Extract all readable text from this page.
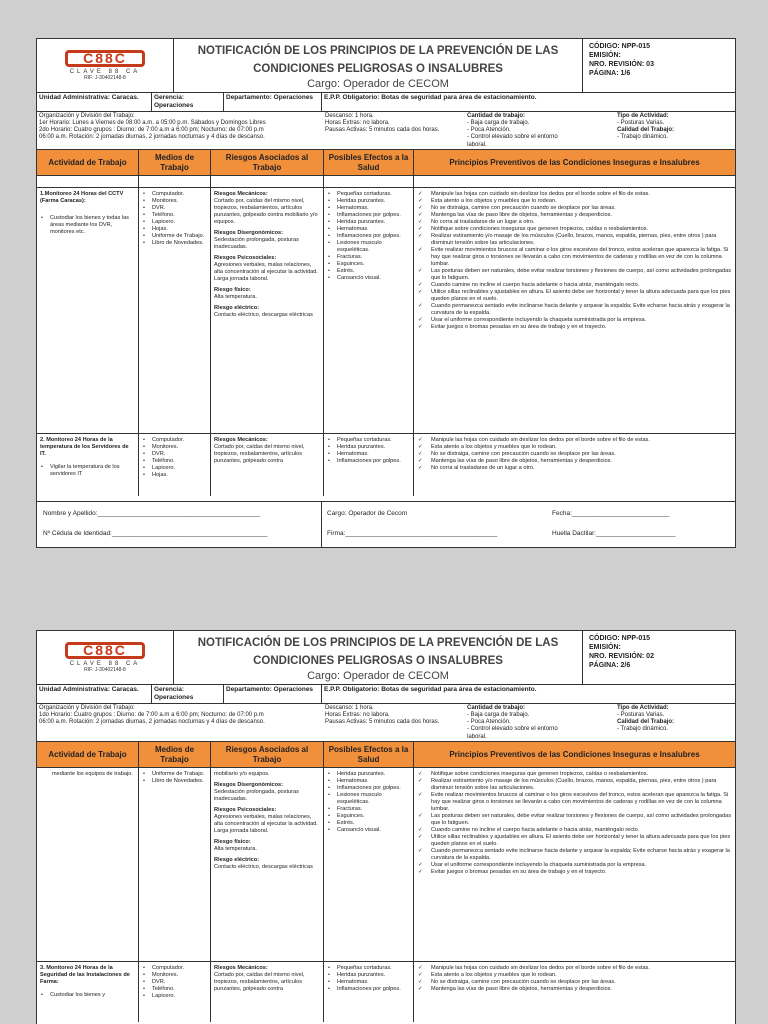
C88C
CLAVE 88 CA
RIF: J-30402148-8
NOTIFICACIÓN DE LOS PRINCIPIOS DE LA PREVENCIÓN DE LAS CONDICIONES PELIGROSAS O INSALUBRES
Cargo: Operador de CECOM
CÓDIGO: NPP-015
EMISIÓN:
NRO. REVISIÓN: 03
PÁGINA: 1/6
Unidad Administrativa: Caracas.	Gerencia: Operaciones
Departamento: Operaciones	E.P.P. Obligatorio: Botas de seguridad para área de estacionamiento.
Organización y División del Trabajo:
1er Horario: Lunes a Viernes de 08:00 a.m. a 05:00 p.m. Sábados y Domingos Libres
2do Horario: Cuatro grupos : Diurno: de 7:00 a.m a 6:00 pm; Nocturno: de 07:00 p.m
06:00 a.m. Rotación: 2 jornadas diurnas, 2 jornadas nocturnas y 4 días de descanso.
Descanso: 1 hora.
Horas Extras: no labora.
Pausas Activas: 5 minutos cada dos horas.
Cantidad de trabajo:
- Baja carga de trabajo.
- Poca Atención.
- Control elevado sobre el entorno laboral.
Tipo de Actividad:
- Posturas Varias.
Calidad del Trabajo:
- Trabajo dinámico.
Actividad de Trabajo
Medios de Trabajo
Riesgos Asociados al Trabajo
Posibles Efectos a la Salud
Principios Preventivos de las Condiciones Inseguras e Insalubres
1.Monitoreo 24 Horas del CCTV (Farma Caracas):
• Custodiar los bienes y todas las áreas mediante los DVR, monitores etc.
• Computador.
• Monitores.
• DVR.
• Teléfono.
• Lapicero.
• Hojas.
• Uniforme de Trabajo.
• Libro de Novedades.
Riesgos Mecánicos:
Cortado por, caídas del mismo nivel, tropiezos, resbalamientos, artículos punzantes, golpeado contra mobiliario y/o equipos.
Riesgos Disergonómicos:
Sedestación prolongada, posturas inadecuadas.
Riesgos Psicosociales:
Agresiones verbales, malas relaciones, alta concentración al ejecutar la actividad. Larga jornada laboral.
Riesgo físico:
Alta temperatura.
Riesgo eléctrico:
Contacto eléctrico, descargas eléctricas
• Pequeñas cortaduras.
• Heridas punzantes.
• Hematomas.
• Inflamaciones por golpes.
• Heridas punzantes.
• Hematomas.
• Inflamaciones por golpes.
• Lesiones musculo esqueléticas.
• Fracturas.
• Esguinces.
• Estrés.
• Cansancio visual.
✓ Manipule las hojas con cuidado sin deslizar los dedos por el borde sobre el filo de estas.
✓ Esta atento a los objetos y muebles que lo rodean.
✓ No se distraiga, camine con precaución cuando se desplace por las áreas.
✓ Mantenga las vías de paso libre de objetos, herramientas y desperdicios.
✓ No corra al trasladarse de un lugar a otro.
✓ Notifique sobre condiciones inseguras que generen tropiezos, caídas o resbalamientos.
✓ Realizar estiramiento y/o masaje de los músculos (Cuello, brazos, manos, espalda, piernas, pies, entre otros ) para disminuir tensión sobre las articulaciones.
✓ Evite realizar movimientos bruscos al caminar o los giros excesivos del tronco, estos aceleran que aparezca la fatiga. Si hay que realizar giros o torsiones se llevarán a cabo con movimientos de caderas y rodillas en vez de con la columna lumbar.
✓ Las posturas deben ser naturales, debe evitar realizar torsiones y flexiones de cuerpo, así como actividades prolongadas que lo fatiguen.
✓ Cuando camine no incline el cuerpo hacia adelante o hacia atrás, manténgalo recto.
✓ Utilice sillas reclinables y ajustables en altura. El asiento debe ser horizontal y tener la altura adecuada para que los pies queden planos en el suelo.
✓ Cuando permanezca sentado evite inclinarse hacia delante y arquear la espalda; Evite echarse hacia atrás y exagerar la curvatura de la espalda.
✓ Usar el uniforme correspondiente incluyendo la chaqueta suministrada por la empresa.
✓ Evitar juegos o bromas pesadas en su área de trabajo y en el trayecto.
2. Monitoreo 24 Horas de la temperatura de los Servidores de IT.
• Vigilar la temperatura de los servidores IT
• Computador.
• Monitores.
• DVR.
• Teléfono.
• Lapicero.
• Hojas.
Riesgos Mecánicos:
Cortado por, caídas del mismo nivel, tropiezos, resbalamientos, artículos punzantes, golpeado contra
• Pequeñas cortaduras.
• Heridas punzantes.
• Hematomas.
• Inflamaciones por golpes.
✓ Manipule las hojas con cuidado sin deslizar los dedos por el borde sobre el filo de estas.
✓ Esta atento a los objetos y muebles que lo rodean.
✓ No se distraiga, camine con precaución cuando se desplace por las áreas.
✓ Mantenga las vías de paso libre de objetos, herramientas y desperdicios.
✓ No corra al trasladarse de un lugar a otro.
Nombre y Apellido:_____________________________________________
Nº Cédula de Identidad:___________________________________________
Cargo: Operador de Cecom
Firma:__________________________________________
Fecha:___________________________
Huella Dactilar:______________________
C88C
CLAVE 88 CA
RIF: J-30402148-8
NOTIFICACIÓN DE LOS PRINCIPIOS DE LA PREVENCIÓN DE LAS CONDICIONES PELIGROSAS O INSALUBRES
Cargo: Operador de CECOM
CÓDIGO: NPP-015
EMISIÓN:
NRO. REVISIÓN: 02
PÁGINA: 2/6
Unidad Administrativa: Caracas.	Gerencia: Operaciones
Departamento: Operaciones	E.P.P. Obligatorio: Botas de seguridad para área de estacionamiento.
Organización y División del Trabajo:
1do Horario: Cuatro grupos : Diurno: de 7:00 a.m a 6:00 pm; Nocturno: de 07:00 p.m
06:00 a.m. Rotación: 2 jornadas diurnas, 2 jornadas nocturnas y 4 días de descanso.
Descanso: 1 hora.
Horas Extras: no labora.
Pausas Activas: 5 minutos cada dos horas.
Cantidad de trabajo:
- Baja carga de trabajo.
- Poca Atención.
- Control elevado sobre el entorno laboral.
Tipo de Actividad:
- Posturas Varias.
Calidad del Trabajo:
- Trabajo dinámico.
Actividad de Trabajo
Medios de Trabajo
Riesgos Asociados al Trabajo
Posibles Efectos a la Salud
Principios Preventivos de las Condiciones Inseguras e Insalubres
mediante los equipos de trabajo.
•	Uniforme de Trabajo.
• Libro de Novedades.
mobiliario y/o equipos.
Riesgos Disergonómicos:
Sedestación prolongada, posturas inadecuadas.
Riesgos Psicosociales:
Agresiones verbales, malas relaciones, alta concentración al ejecutar la actividad. Larga jornada laboral.
Riesgo físico:
Alta temperatura.
Riesgo eléctrico:
Contacto eléctrico, descargas eléctricas
• Heridas punzantes.
• Hematomas.
• Inflamaciones por golpes.
• Lesiones musculo esqueléticas.
• Fracturas.
• Esguinces.
• Estrés.
• Cansancio visual.
✓ Notifique sobre condiciones inseguras que generen tropiezos, caídas o resbalamientos.
✓ Realizar estiramiento y/o masaje de los músculos (Cuello, brazos, manos, espalda, piernas, pies, entre otros ) para disminuir tensión sobre las articulaciones.
✓ Evite realizar movimientos bruscos al caminar o los giros excesivos del tronco, estos aceleran que aparezca la fatiga. Si hay que realizar giros o torsiones se llevarán a cabo con movimientos de caderas y rodillas en vez de con la columna lumbar.
✓ Las posturas deben ser naturales, debe evitar realizar torsiones y flexiones de cuerpo, así como actividades prolongadas que lo fatiguen.
✓ Cuando camine no incline el cuerpo hacia adelante o hacia atrás, manténgalo recto.
✓ Utilice sillas reclinables y ajustables en altura. El asiento debe ser horizontal y tener la altura adecuada para que los pies queden planos en el suelo.
✓ Cuando permanezca sentado evite inclinarse hacia delante y arquear la espalda; Evite echarse hacia atrás y exagerar la curvatura de la espalda.
✓ Usar el uniforme correspondiente incluyendo la chaqueta suministrada por la empresa.
✓ Evitar juegos o bromas pesadas en su área de trabajo y en el trayecto.
3. Monitoreo 24 Horas de la Seguridad de las Instalaciones de Farma:
• Custodiar los bienes y
• Computador.
• Monitores.
• DVR.
• Teléfono.
• Lapicero.
Riesgos Mecánicos:
Cortado por, caídas del mismo nivel, tropiezos, resbalamientos, artículos punzantes, golpeado contra
• Pequeñas cortaduras.
• Heridas punzantes.
• Hematomas.
• Inflamaciones por golpes.
✓ Manipule las hojas con cuidado sin deslizar los dedos por el borde sobre el filo de estas.
✓ Esta atento a los objetos y muebles que lo rodean.
✓ No se distraiga, camine con precaución cuando se desplace por las áreas.
✓ Mantenga las vías de paso libre de objetos, herramientas y desperdicios.
